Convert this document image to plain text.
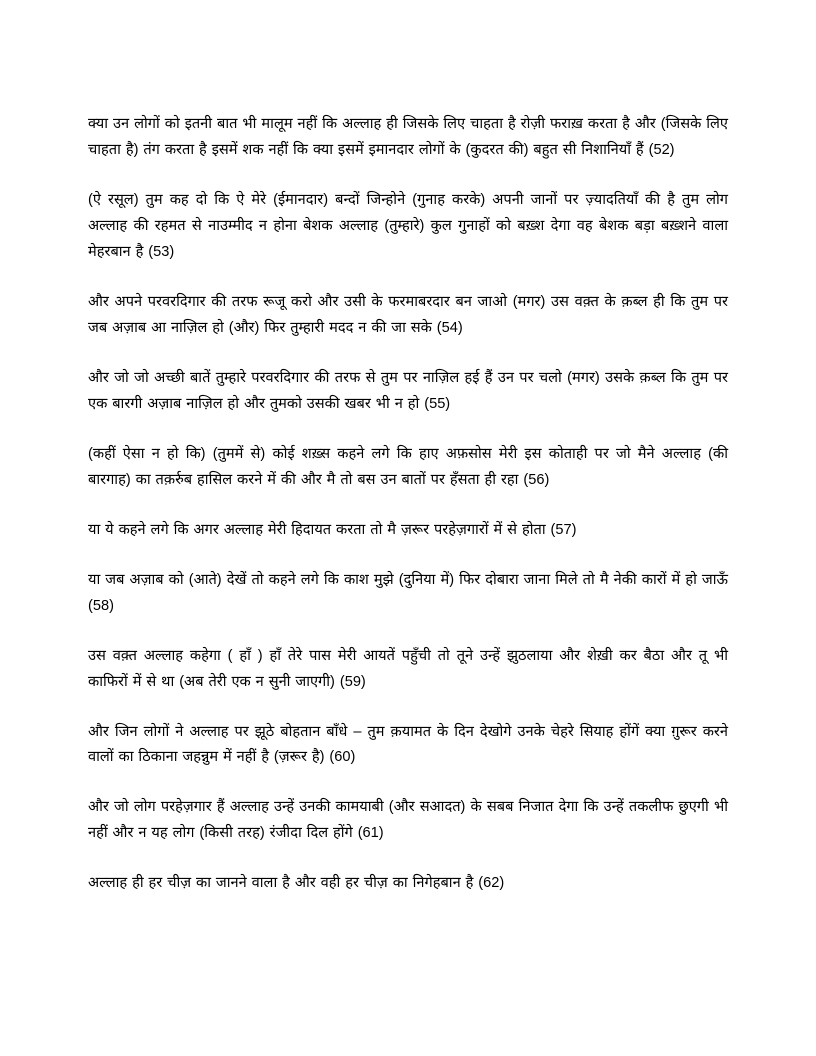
क्या उन लोगों को इतनी बात भी मालूम नहीं कि अल्लाह ही जिसके लिए चाहता है रोज़ी फराख़ करता है और (जिसके लिए चाहता है) तंग करता है इसमें शक नहीं कि क्या इसमें इमानदार लोगों के (कुदरत की) बहुत सी निशानियाँ हैं (52)

(ऐ रसूल) तुम कह दो कि ऐ मेरे (ईमानदार) बन्दों जिन्होने (गुनाह करके) अपनी जानों पर ज़्यादतियाँ की है तुम लोग अल्लाह की रहमत से नाउम्मीद न होना बेशक अल्लाह (तुम्हारे) कुल गुनाहों को बख़्श देगा वह बेशक बड़ा बख़्शने वाला मेहरबान है (53)

और अपने परवरदिगार की तरफ रूजू करो और उसी के फरमाबरदार बन जाओ (मगर) उस वक़्त के क़ब्ल ही कि तुम पर जब अज़ाब आ नाज़िल हो (और) फिर तुम्हारी मदद न की जा सके (54)

और जो जो अच्छी बातें तुम्हारे परवरदिगार की तरफ से तुम पर नाज़िल हई हैं उन पर चलो (मगर) उसके क़ब्ल कि तुम पर एक बारगी अज़ाब नाज़िल हो और तुमको उसकी खबर भी न हो (55)

(कहीं ऐसा न हो कि) (तुममें से) कोई शख़्स कहने लगे कि हाए अफ़सोस मेरी इस कोताही पर जो मैने अल्लाह (की बारगाह) का तक़र्रुब हासिल करने में की और मै तो बस उन बातों पर हँसता ही रहा (56)

या ये कहने लगे कि अगर अल्लाह मेरी हिदायत करता तो मै ज़रूर परहेज़गारों में से होता (57)

या जब अज़ाब को (आते) देखें तो कहने लगे कि काश मुझे (दुनिया में) फिर दोबारा जाना मिले तो मै नेकी कारों में हो जाऊँ (58)

उस वक़्त अल्लाह कहेगा ( हाँ ) हाँ तेरे पास मेरी आयतें पहुँची तो तूने उन्हें झुठलाया और शेख़ी कर बैठा और तू भी काफिरों में से था (अब तेरी एक न सुनी जाएगी) (59)

और जिन लोगों ने अल्लाह पर झूठे बोहतान बाँधे – तुम क़यामत के दिन देखोगे उनके चेहरे सियाह होंगें क्या ग़ुरूर करने वालों का ठिकाना जहन्नुम में नहीं है (ज़रूर है) (60)

और जो लोग परहेज़गार हैं अल्लाह उन्हें उनकी कामयाबी (और सआदत) के सबब निजात देगा कि उन्हें तकलीफ छुएगी भी नहीं और न यह लोग (किसी तरह) रंजीदा दिल होंगे (61)

अल्लाह ही हर चीज़ का जानने वाला है और वही हर चीज़ का निगेहबान है (62)
